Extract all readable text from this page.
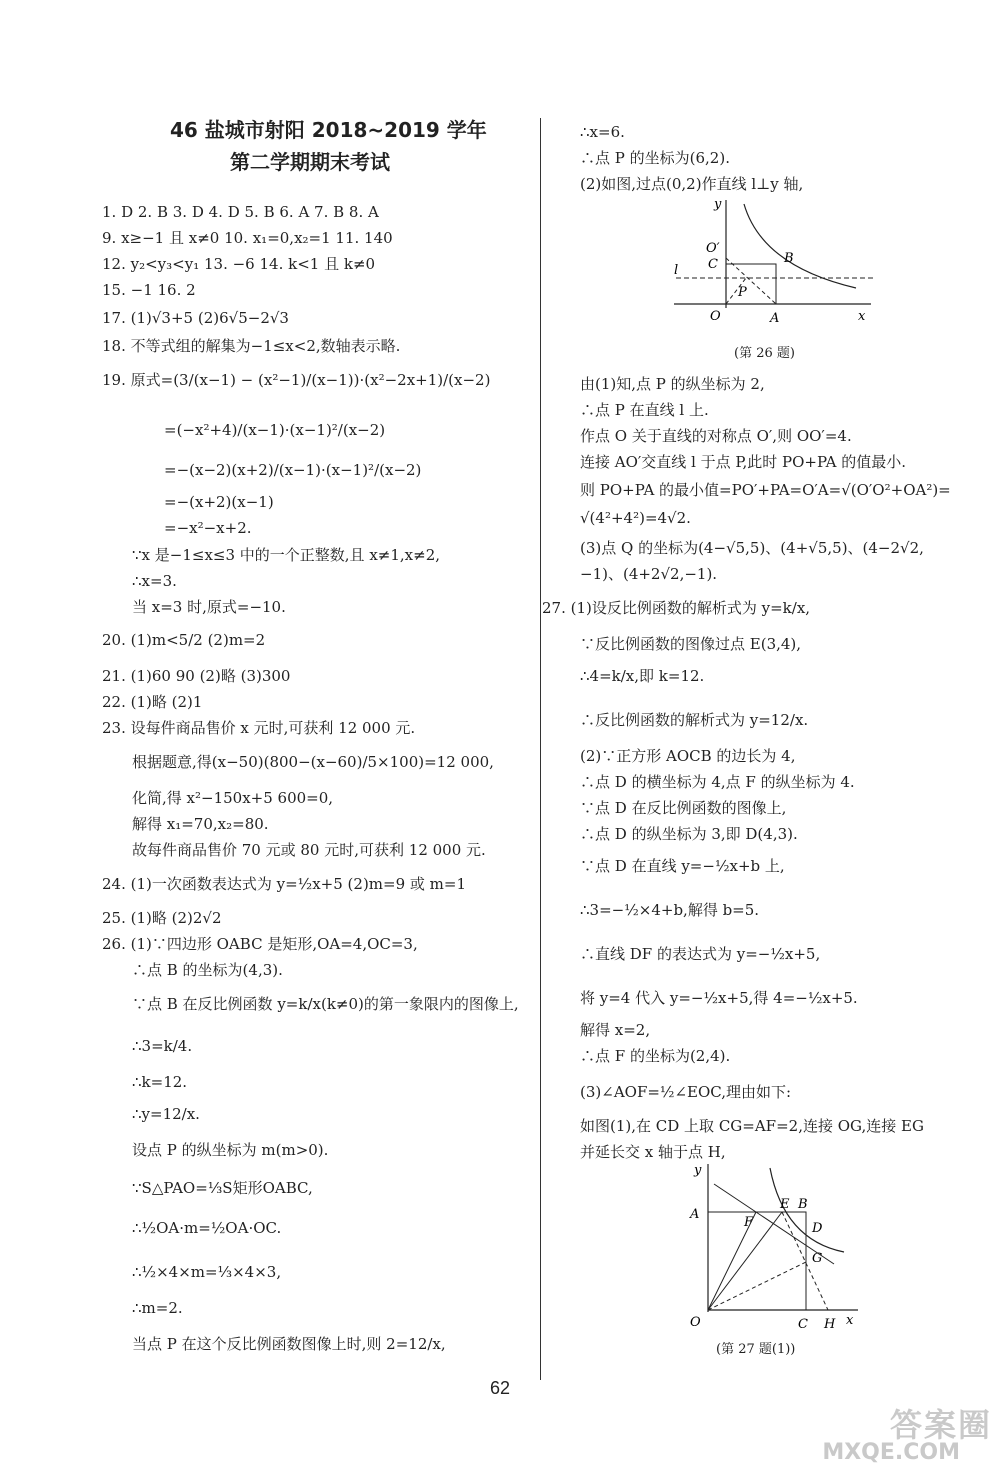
46 盐城市射阳 2018~2019 学年
第二学期期末考试
1. D 2. B 3. D 4. D 5. B 6. A 7. B 8. A
9. x≥−1 且 x≠0 10. x₁=0,x₂=1 11. 140
12. y₂<y₃<y₁ 13. −6 14. k<1 且 k≠0
15. −1 16. 2
17. (1)√3+5 (2)6√5−2√3
18. 不等式组的解集为−1≤x<2,数轴表示略.
19. 原式=(3/(x−1) − (x²−1)/(x−1))·(x²−2x+1)/(x−2)
=(−x²+4)/(x−1)·(x−1)²/(x−2)
=−(x−2)(x+2)/(x−1)·(x−1)²/(x−2)
=−(x+2)(x−1)
=−x²−x+2.
∵x 是−1≤x≤3 中的一个正整数,且 x≠1,x≠2,
∴x=3.
当 x=3 时,原式=−10.
20. (1)m<5/2 (2)m=2
21. (1)60 90 (2)略 (3)300
22. (1)略 (2)1
23. 设每件商品售价 x 元时,可获利 12 000 元.
根据题意,得(x−50)(800−(x−60)/5×100)=12 000,
化简,得 x²−150x+5 600=0,
解得 x₁=70,x₂=80.
故每件商品售价 70 元或 80 元时,可获利 12 000 元.
24. (1)一次函数表达式为 y=½x+5 (2)m=9 或 m=1
25. (1)略 (2)2√2
26. (1)∵四边形 OABC 是矩形,OA=4,OC=3,
∴点 B 的坐标为(4,3).
∵点 B 在反比例函数 y=k/x(k≠0)的第一象限内的图像上,
∴3=k/4.
∴k=12.
∴y=12/x.
设点 P 的纵坐标为 m(m>0).
∵S△PAO=⅓S矩形OABC,
∴½OA·m=½OA·OC.
∴½×4×m=⅓×4×3,
∴m=2.
当点 P 在这个反比例函数图像上时,则 2=12/x,
∴x=6.
∴点 P 的坐标为(6,2).
(2)如图,过点(0,2)作直线 l⊥y 轴,
y
O′
C	B
l
P
O	A	x
(第 26 题)
由(1)知,点 P 的纵坐标为 2,
∴点 P 在直线 l 上.
作点 O 关于直线的对称点 O′,则 OO′=4.
连接 AO′交直线 l 于点 P,此时 PO+PA 的值最小.
则 PO+PA 的最小值=PO′+PA=O′A=√(O′O²+OA²)=
√(4²+4²)=4√2.
(3)点 Q 的坐标为(4−√5,5)、(4+√5,5)、(4−2√2,
−1)、(4+2√2,−1).
27. (1)设反比例函数的解析式为 y=k/x,
∵反比例函数的图像过点 E(3,4),
∴4=k/x,即 k=12.
∴反比例函数的解析式为 y=12/x.
(2)∵正方形 AOCB 的边长为 4,
∴点 D 的横坐标为 4,点 F 的纵坐标为 4.
∵点 D 在反比例函数的图像上,
∴点 D 的纵坐标为 3,即 D(4,3).
∵点 D 在直线 y=−½x+b 上,
∴3=−½×4+b,解得 b=5.
∴直线 DF 的表达式为 y=−½x+5,
将 y=4 代入 y=−½x+5,得 4=−½x+5.
解得 x=2,
∴点 F 的坐标为(2,4).
(3)∠AOF=½∠EOC,理由如下:
如图(1),在 CD 上取 CG=AF=2,连接 OG,连接 EG
并延长交 x 轴于点 H,
y
A
F
E B
D
G
O	C H x
(第 27 题(1))
62
答案圈
MXQE.COM
